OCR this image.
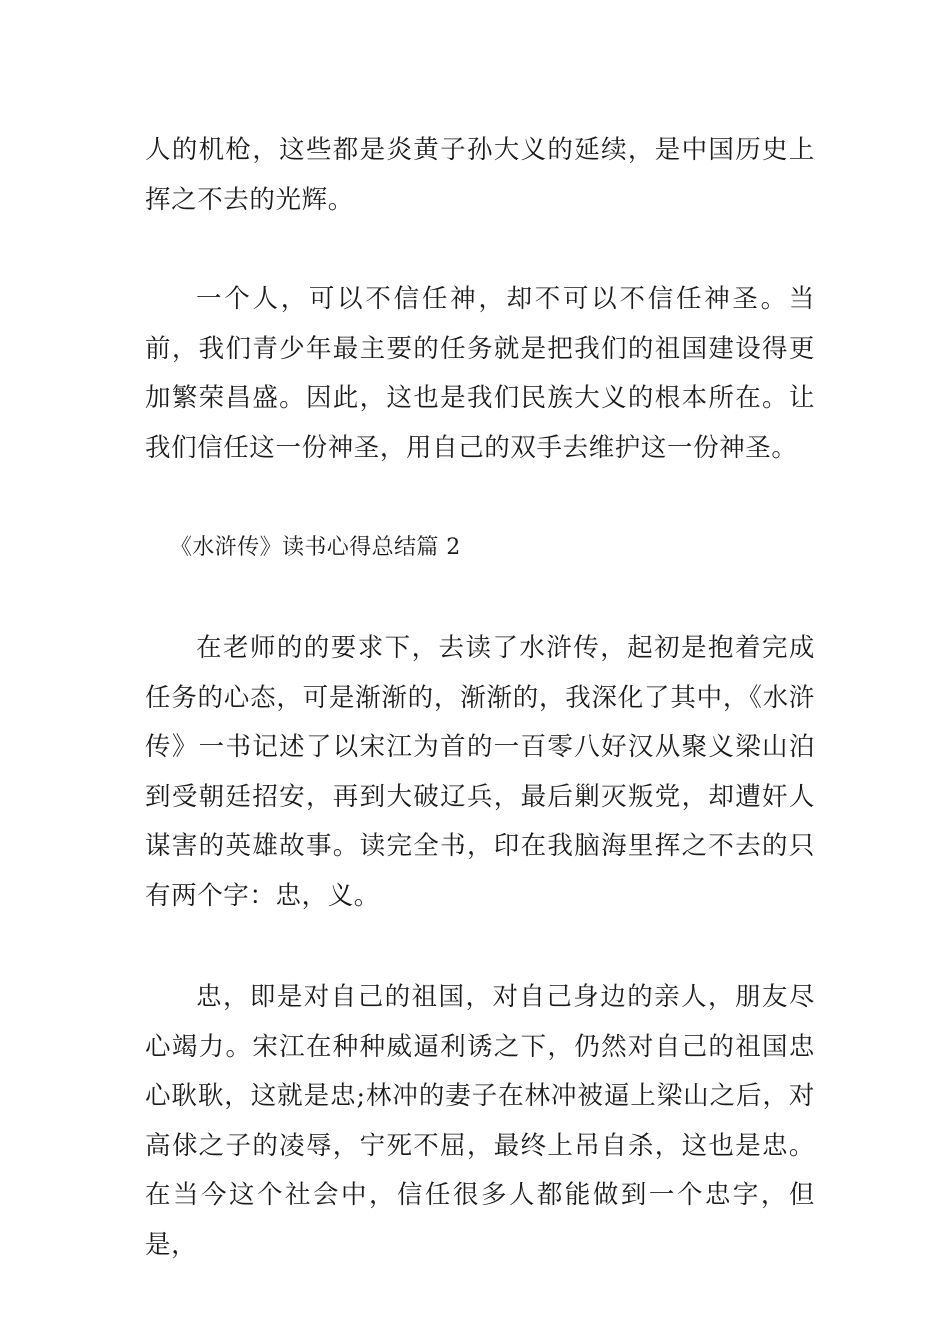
人的机枪，这些都是炎黄子孙大义的延续，是中国历史上挥之不去的光辉。

一个人，可以不信任神，却不可以不信任神圣。当前，我们青少年最主要的任务就是把我们的祖国建设得更加繁荣昌盛。因此，这也是我们民族大义的根本所在。让我们信任这一份神圣，用自己的双手去维护这一份神圣。

《水浒传》读书心得总结篇 2

在老师的的要求下，去读了水浒传，起初是抱着完成任务的心态，可是渐渐的，渐渐的，我深化了其中，《水浒传》一书记述了以宋江为首的一百零八好汉从聚义梁山泊到受朝廷招安，再到大破辽兵，最后剿灭叛党，却遭奸人谋害的英雄故事。读完全书，印在我脑海里挥之不去的只有两个字：忠，义。

忠，即是对自己的祖国，对自己身边的亲人，朋友尽心竭力。宋江在种种威逼利诱之下，仍然对自己的祖国忠心耿耿，这就是忠;林冲的妻子在林冲被逼上梁山之后，对高俅之子的凌辱，宁死不屈，最终上吊自杀，这也是忠。在当今这个社会中，信任很多人都能做到一个忠字，但是，
